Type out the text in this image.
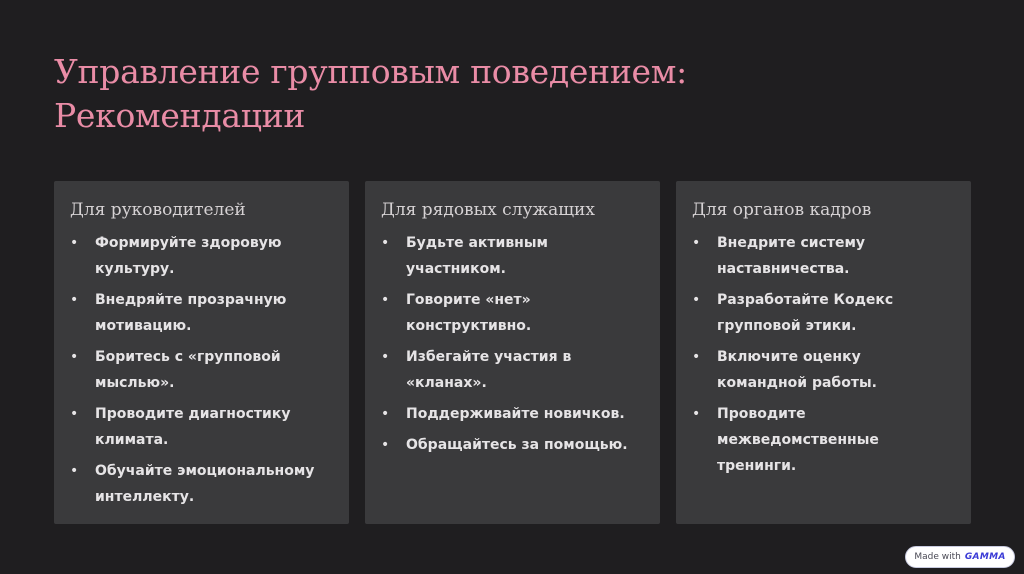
Управление групповым поведением:
Рекомендации
Для руководителей
• Формируйте здоровую культуру.
• Внедряйте прозрачную мотивацию.
• Боритесь с «групповой мыслью».
• Проводите диагностику климата.
• Обучайте эмоциональному интеллекту.
Для рядовых служащих
• Будьте активным участником.
• Говорите «нет» конструктивно.
• Избегайте участия в «кланах».
• Поддерживайте новичков.
• Обращайтесь за помощью.
Для органов кадров
• Внедрите систему наставничества.
• Разработайте Кодекс групповой этики.
• Включите оценку командной работы.
• Проводите межведомственные тренинги.
Made with GAMMA
